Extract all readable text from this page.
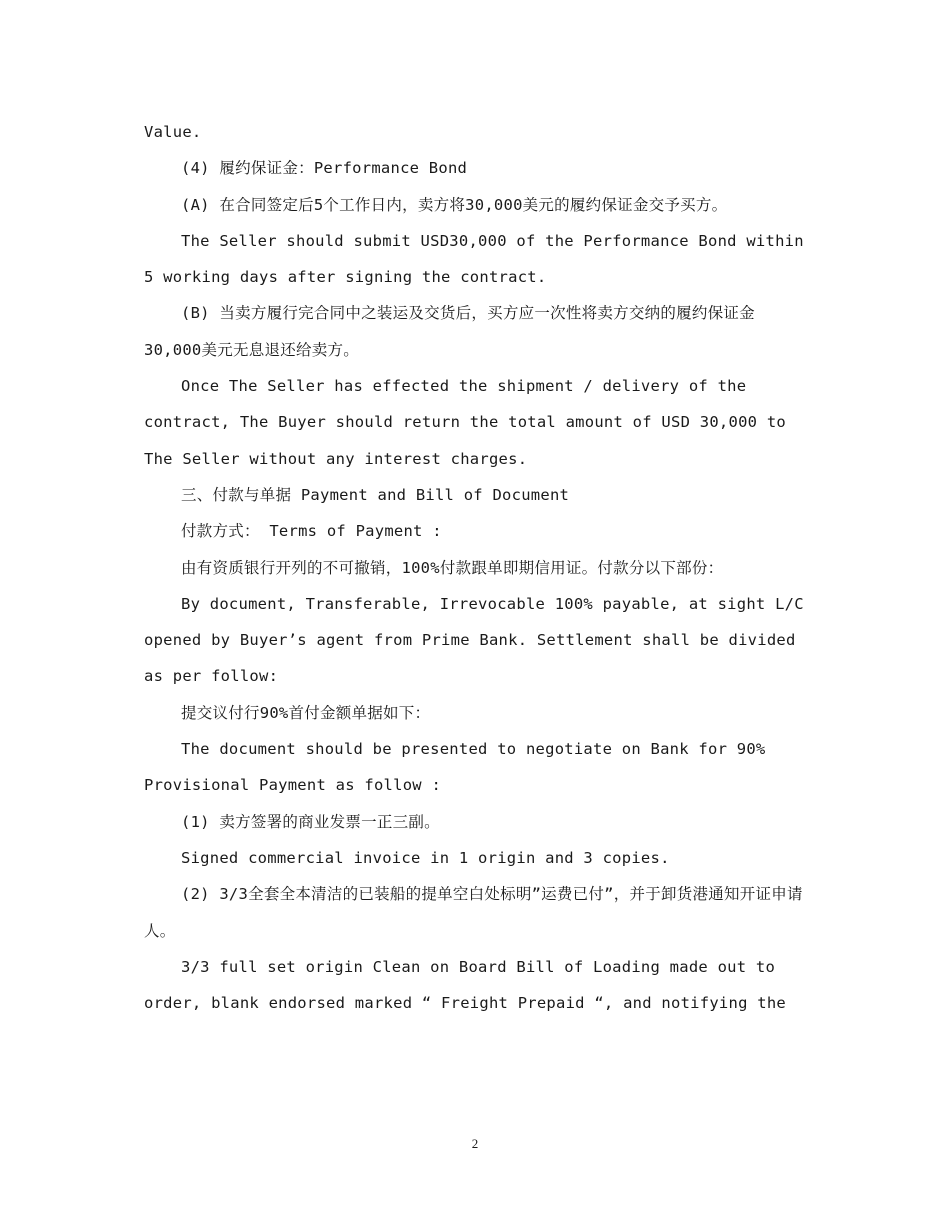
Value.

(4) 履约保证金：Performance Bond

(A) 在合同签定后5个工作日内，卖方将30,000美元的履约保证金交予买方。

The Seller should submit USD30,000 of the Performance Bond within 5 working days after signing the contract.

(B) 当卖方履行完合同中之装运及交货后，买方应一次性将卖方交纳的履约保证金30,000美元无息退还给卖方。

Once The Seller has effected the shipment / delivery of the contract, The Buyer should return the total amount of USD 30,000 to The Seller without any interest charges.

三、付款与单据 Payment and Bill of Document

付款方式： Terms of Payment :

由有资质银行开列的不可撤销，100%付款跟单即期信用证。付款分以下部份：

By document, Transferable, Irrevocable 100% payable, at sight L/C opened by Buyer’s agent from Prime Bank. Settlement shall be divided as per follow:

提交议付行90%首付金额单据如下：

The document should be presented to negotiate on Bank for 90% Provisional Payment as follow :

(1) 卖方签署的商业发票一正三副。

Signed commercial invoice in 1 origin and 3 copies.

(2) 3/3全套全本清洁的已装船的提单空白处标明”运费已付”，并于卸货港通知开证申请人。

3/3 full set origin Clean on Board Bill of Loading made out to order, blank endorsed marked “ Freight Prepaid “, and notifying the

2
